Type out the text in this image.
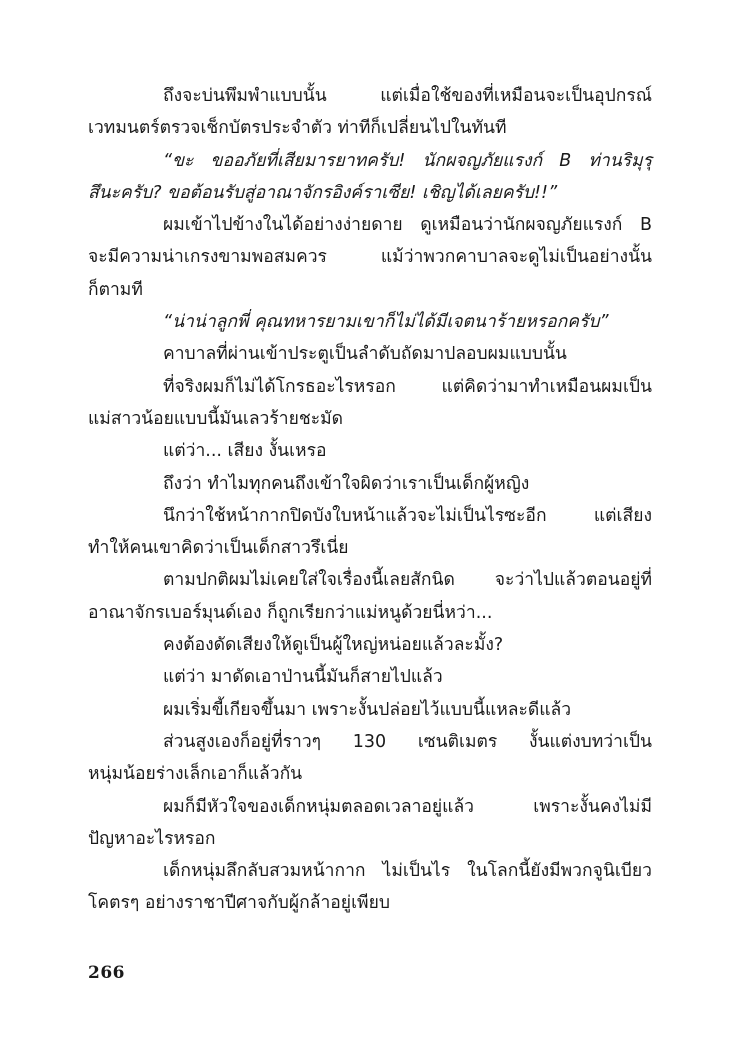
ถึงจะบ่นพึมพำแบบนั้น แต่เมื่อใช้ของที่เหมือนจะเป็นอุปกรณ์
เวทมนตร์ตรวจเช็กบัตรประจำตัว ท่าทีก็เปลี่ยนไปในทันที
“ขะ ขออภัยที่เสียมารยาทครับ! นักผจญภัยแรงก์ B ท่านริมุรุ
สึนะครับ? ขอต้อนรับสู่อาณาจักรอิงค์ราเซีย! เชิญได้เลยครับ!!”
ผมเข้าไปข้างในได้อย่างง่ายดาย ดูเหมือนว่านักผจญภัยแรงก์ B
จะมีความน่าเกรงขามพอสมควร แม้ว่าพวกคาบาลจะดูไม่เป็นอย่างนั้น
ก็ตามที
“น่าน่าลูกพี่ คุณทหารยามเขาก็ไม่ได้มีเจตนาร้ายหรอกครับ”
คาบาลที่ผ่านเข้าประตูเป็นลำดับถัดมาปลอบผมแบบนั้น
ที่จริงผมก็ไม่ได้โกรธอะไรหรอก แต่คิดว่ามาทำเหมือนผมเป็น
แม่สาวน้อยแบบนี้มันเลวร้ายชะมัด
แต่ว่า... เสียง งั้นเหรอ
ถึงว่า ทำไมทุกคนถึงเข้าใจผิดว่าเราเป็นเด็กผู้หญิง
นึกว่าใช้หน้ากากปิดบังใบหน้าแล้วจะไม่เป็นไรซะอีก แต่เสียง
ทำให้คนเขาคิดว่าเป็นเด็กสาวรึเนี่ย
ตามปกติผมไม่เคยใส่ใจเรื่องนี้เลยสักนิด จะว่าไปแล้วตอนอยู่ที่
อาณาจักรเบอร์มุนด์เอง ก็ถูกเรียกว่าแม่หนูด้วยนี่หว่า...
คงต้องดัดเสียงให้ดูเป็นผู้ใหญ่หน่อยแล้วละมั้ง?
แต่ว่า มาดัดเอาป่านนี้มันก็สายไปแล้ว
ผมเริ่มขี้เกียจขึ้นมา เพราะงั้นปล่อยไว้แบบนี้แหละดีแล้ว
ส่วนสูงเองก็อยู่ที่ราวๆ 130 เซนติเมตร งั้นแต่งบทว่าเป็น
หนุ่มน้อยร่างเล็กเอาก็แล้วกัน
ผมก็มีหัวใจของเด็กหนุ่มตลอดเวลาอยู่แล้ว เพราะงั้นคงไม่มี
ปัญหาอะไรหรอก
เด็กหนุ่มลึกลับสวมหน้ากาก ไม่เป็นไร ในโลกนี้ยังมีพวกจูนิเบียว
โคตรๆ อย่างราชาปีศาจกับผู้กล้าอยู่เพียบ
266
